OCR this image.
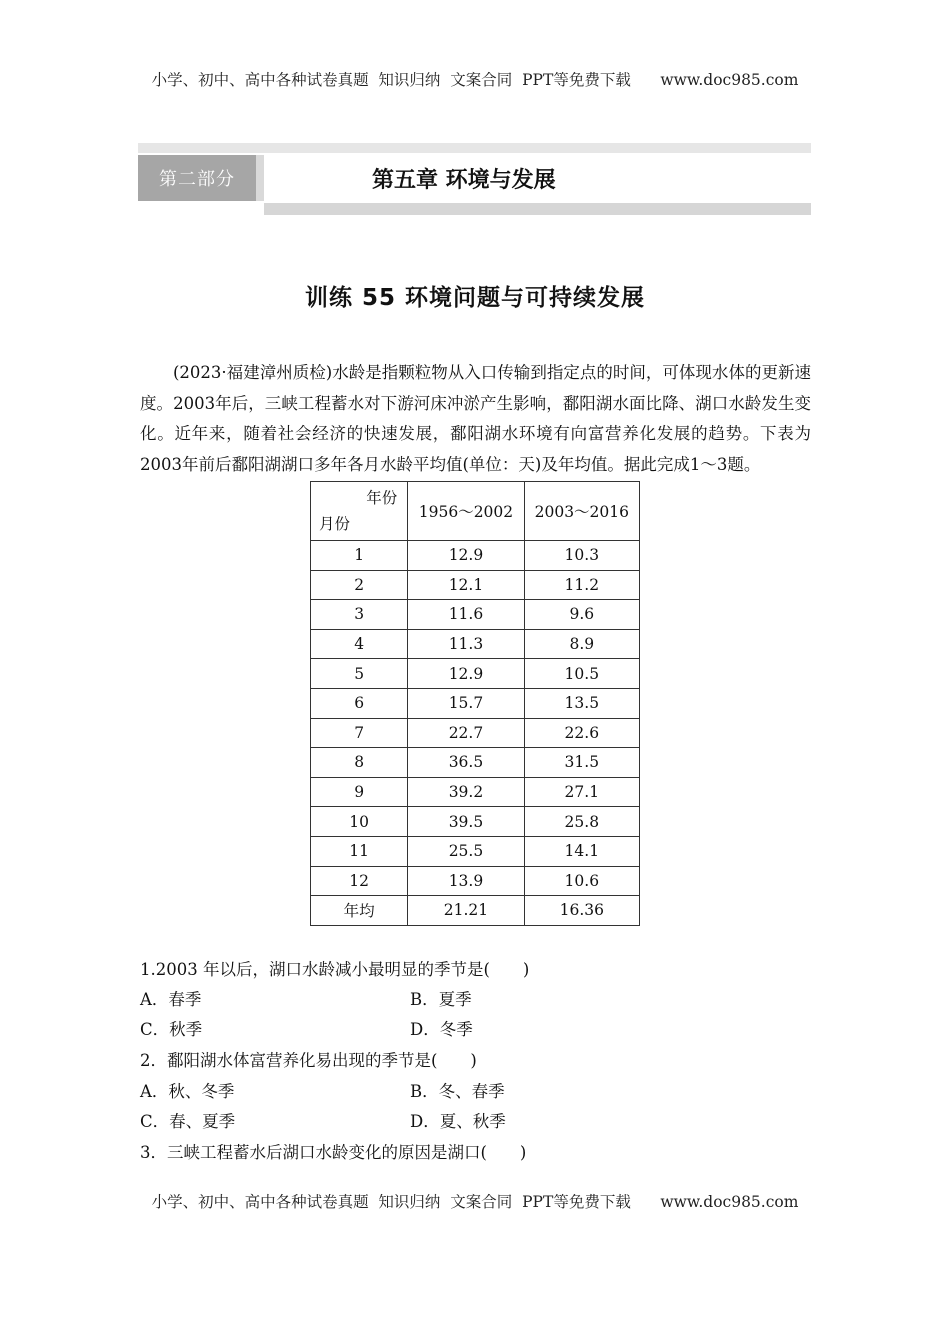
小学、初中、高中各种试卷真题  知识归纳  文案合同  PPT等免费下载      www.doc985.com
第二部分	第五章 环境与发展
训练 55 环境问题与可持续发展
(2023·福建漳州质检)水龄是指颗粒物从入口传输到指定点的时间，可体现水体的更新速度。2003年后，三峡工程蓄水对下游河床冲淤产生影响，鄱阳湖水面比降、湖口水龄发生变化。近年来，随着社会经济的快速发展，鄱阳湖水环境有向富营养化发展的趋势。下表为2003年前后鄱阳湖湖口多年各月水龄平均值(单位：天)及年均值。据此完成1～3题。
年份
月份	1956～2002	2003～2016
1	12.9	10.3
2	12.1	11.2
3	11.6	9.6
4	11.3	8.9
5	12.9	10.5
6	15.7	13.5
7	22.7	22.6
8	36.5	31.5
9	39.2	27.1
10	39.5	25.8
11	25.5	14.1
12	13.9	10.6
年均	21.21	16.36
1.2003 年以后，湖口水龄减小最明显的季节是(　　)
A．春季	B．夏季
C．秋季	D．冬季
2．鄱阳湖水体富营养化易出现的季节是(　　)
A．秋、冬季	B．冬、春季
C．春、夏季	D．夏、秋季
3．三峡工程蓄水后湖口水龄变化的原因是湖口(　　)
小学、初中、高中各种试卷真题  知识归纳  文案合同  PPT等免费下载      www.doc985.com
